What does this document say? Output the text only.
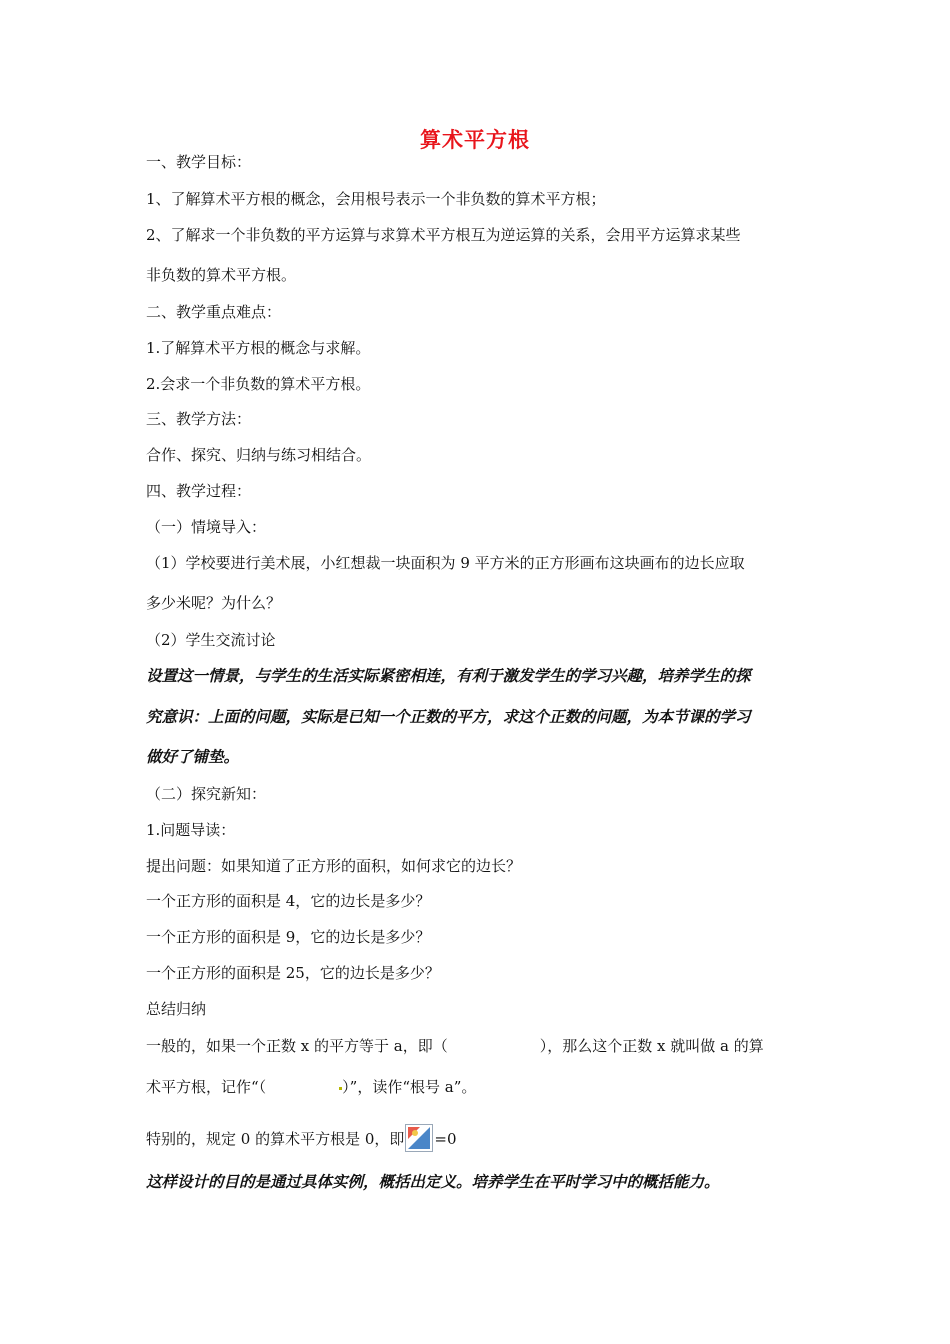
算术平方根
一、教学目标：
1、了解算术平方根的概念，会用根号表示一个非负数的算术平方根；
2、了解求一个非负数的平方运算与求算术平方根互为逆运算的关系，会用平方运算求某些
非负数的算术平方根。
二、教学重点难点：
1.了解算术平方根的概念与求解。
2.会求一个非负数的算术平方根。
三、教学方法：
合作、探究、归纳与练习相结合。
四、教学过程：
（一）情境导入：
（1）学校要进行美术展，小红想裁一块面积为 9 平方米的正方形画布这块画布的边长应取
多少米呢？为什么？
（2）学生交流讨论
设置这一情景，与学生的生活实际紧密相连，有利于激发学生的学习兴趣，培养学生的探
究意识：上面的问题，实际是已知一个正数的平方，求这个正数的问题，为本节课的学习
做好了铺垫。
（二）探究新知：
1.问题导读：
提出问题：如果知道了正方形的面积，如何求它的边长？
一个正方形的面积是 4，它的边长是多少？
一个正方形的面积是 9，它的边长是多少？
一个正方形的面积是 25，它的边长是多少？
总结归纳
一般的，如果一个正数 x 的平方等于 a，即（	），那么这个正数 x 就叫做 a 的算
术平方根，记作“（	）”，读作“根号 a”。
特别的，规定 0 的算术平方根是 0，即 =0
这样设计的目的是通过具体实例，概括出定义。培养学生在平时学习中的概括能力。
